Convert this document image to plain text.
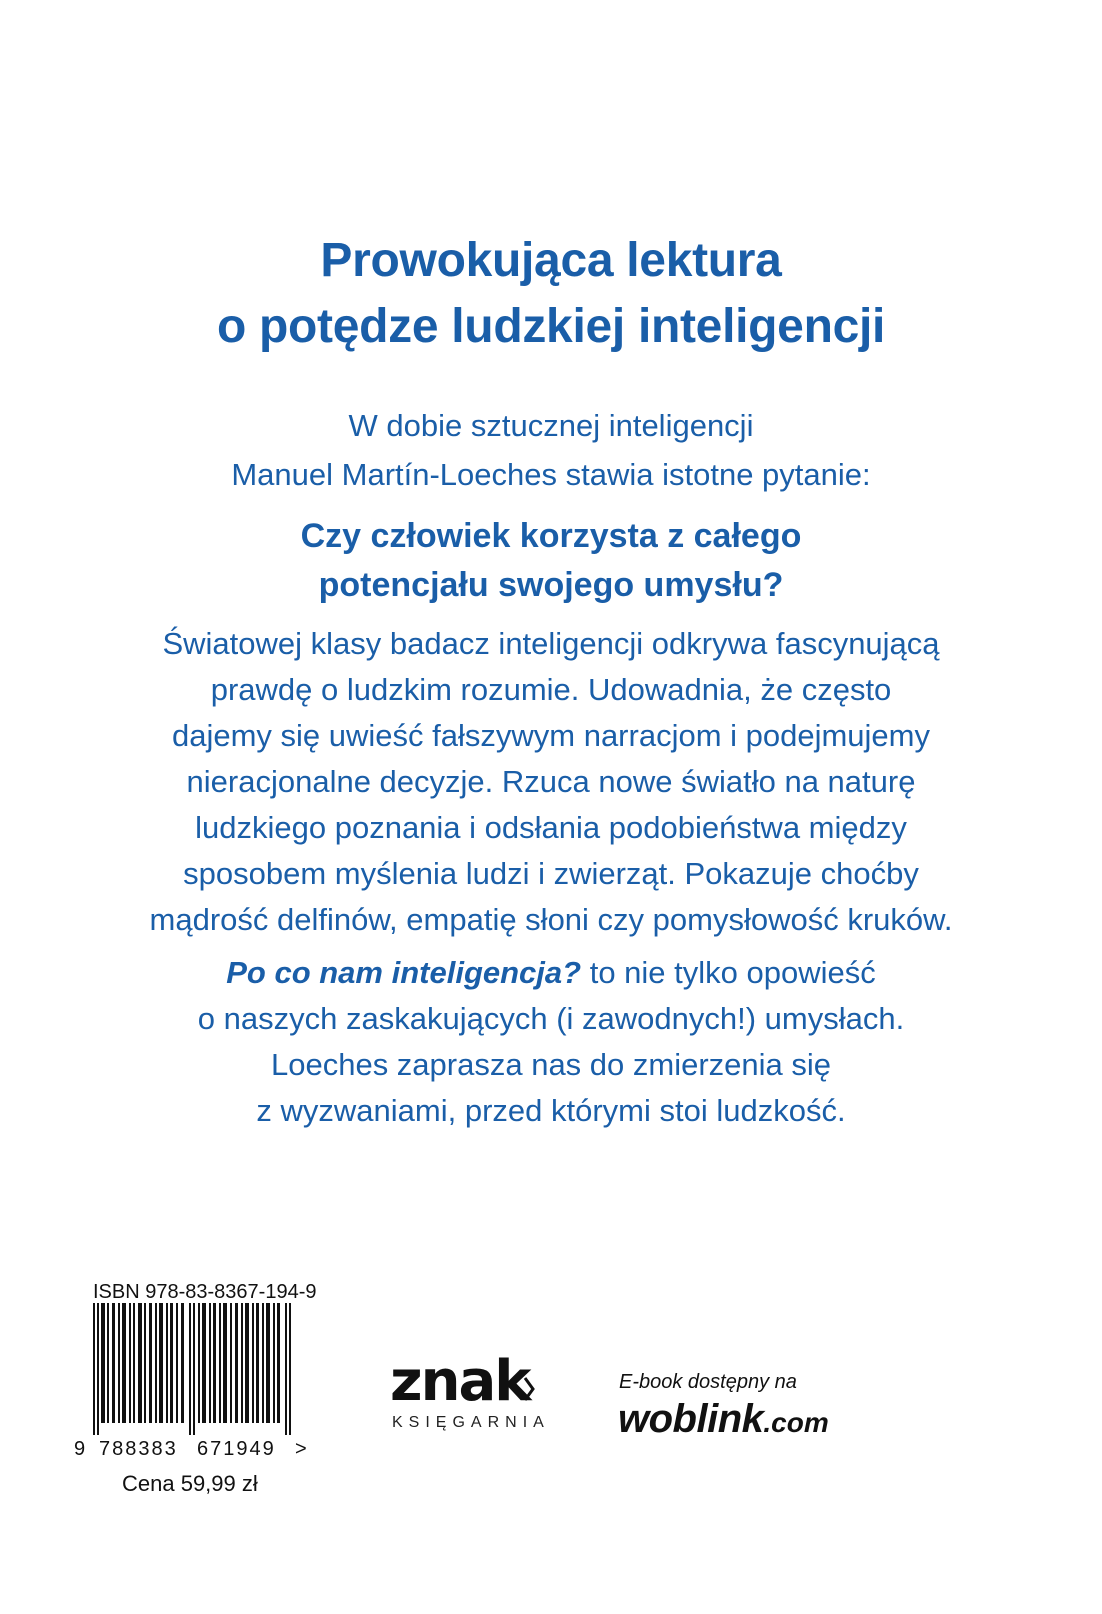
Prowokująca lektura
o potędze ludzkiej inteligencji
W dobie sztucznej inteligencji
Manuel Martín-Loeches stawia istotne pytanie:
Czy człowiek korzysta z całego
potencjału swojego umysłu?
Światowej klasy badacz inteligencji odkrywa fascynującą
prawdę o ludzkim rozumie. Udowadnia, że często
dajemy się uwieść fałszywym narracjom i podejmujemy
nieracjonalne decyzje. Rzuca nowe światło na naturę
ludzkiego poznania i odsłania podobieństwa między
sposobem myślenia ludzi i zwierząt. Pokazuje choćby
mądrość delfinów, empatię słoni czy pomysłowość kruków.
Po co nam inteligencja? to nie tylko opowieść
o naszych zaskakujących (i zawodnych!) umysłach.
Loeches zaprasza nas do zmierzenia się
z wyzwaniami, przed którymi stoi ludzkość.
ISBN 978-83-8367-194-9
9 788383 671949 >
Cena 59,99 zł
znak
KSIĘGARNIA
E-book dostępny na
woblink.com
